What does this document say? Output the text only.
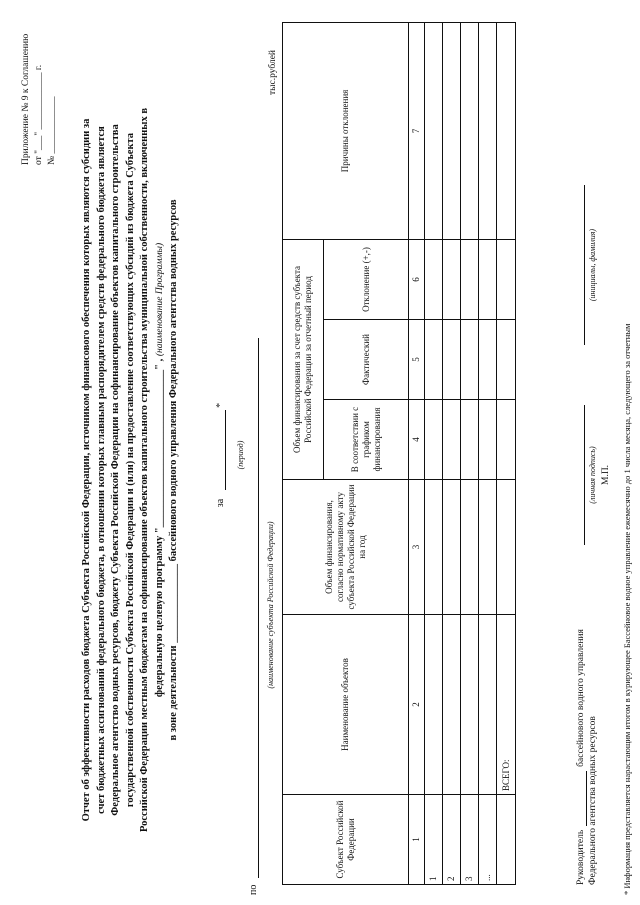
Приложение № 9 к Соглашению от "___" ____________ г. № ____________ Отчет об эффективности расходов бюджета Субъекта Российской Федерации, источником финансового обеспечения которых являются субсидии за счет бюджетных ассигнований федерального бюджета, в отношении которых главным распорядителем средств федерального бюджета является Федеральное агентство водных ресурсов, бюджету Субъекта Российской Федерации на софинансирование объектов капитального строительства государственной собственности Субъекта Российской Федерации и (или) на предоставление соответствующих субсидий из бюджета Субъекта Российской Федерации местным бюджетам на софинансирование объектов капитального строительства муниципальной собственности, включенных в федеральную целевую программу "______________________________" , (наименование Программы) в зоне деятельности _______________ бассейнового водного управления Федерального агентства водных ресурсов	за  *
(период)
по
(наименование субъекта Российской Федерации)
тыс.рублей
Субъект Российской Федерации	Наименование объектов	Объем финансирования, согласно нормативному акту субъекта Российской Федерации на год	Объем финансирования за счет средств субъекта Российской Федерации за отчетный период			Причины отклонения
			В соответствии с графиком финансирования	Фактический	Отклонение (+,-)	
1	2	3	4	5	6	7
1						
2						
3						
...						
	ВСЕГО:					
Руководительбассейнового водного управления
Федерального агентства водных ресурсов
(личная подпись)
(инициалы, фамилия)
М.П. * Информация представляется нарастающим итогом в курирующее Бассейновое водное управление ежемесячно до 1 числа месяца, следующего за отчетным
